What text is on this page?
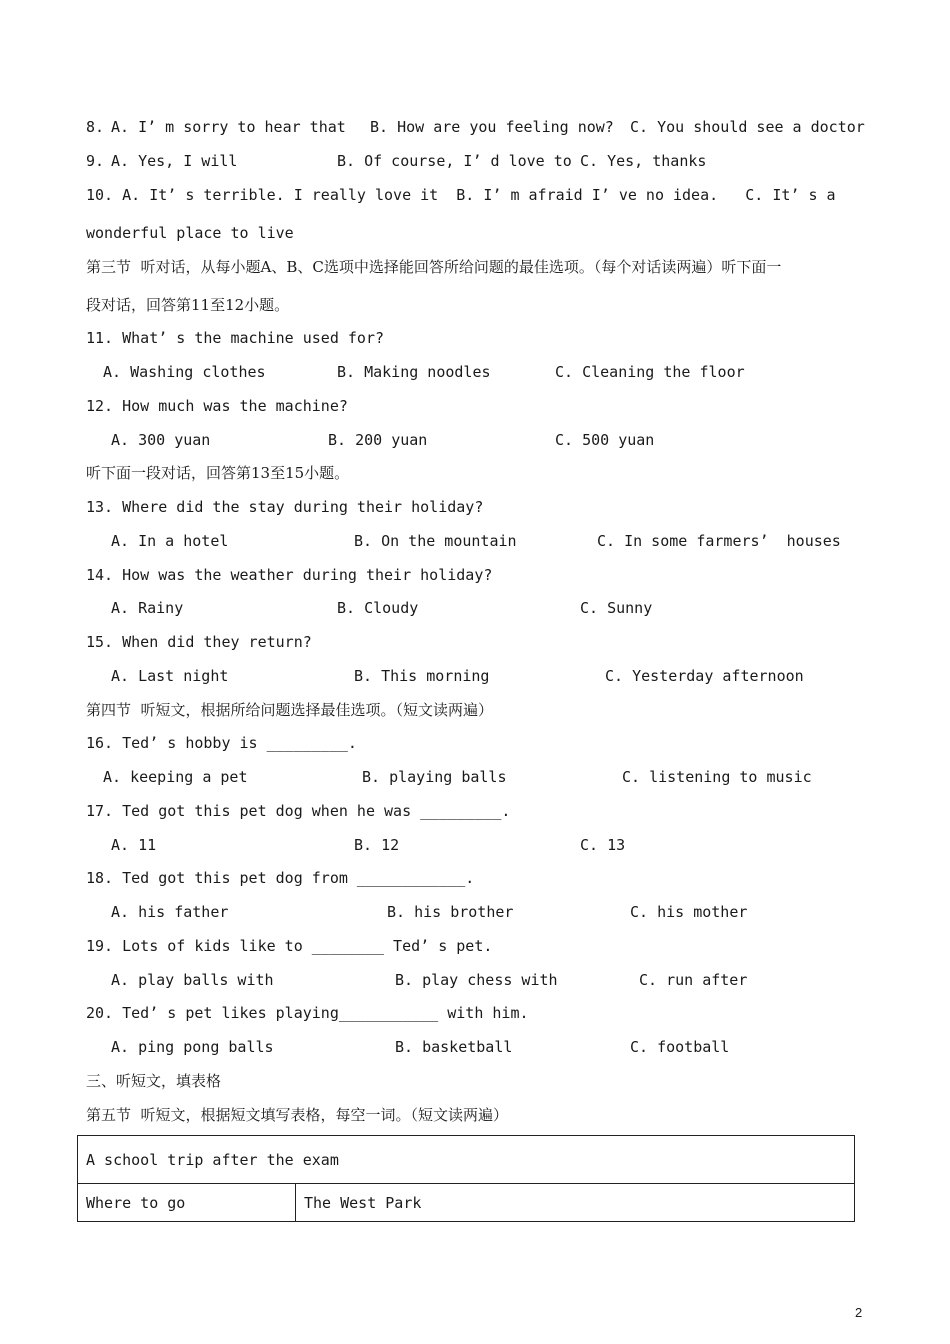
8. A. I’ m sorry to hear that B. How are you feeling now? C. You should see a doctor
9. A. Yes, I will	B. Of course, I’ d love to C. Yes, thanks
10. A. It’ s terrible. I really love it  B. I’ m afraid I’ ve no idea.   C. It’ s a
wonderful place to live
第三节  听对话，从每小题A、B、C选项中选择能回答所给问题的最佳选项。（每个对话读两遍）听下面一
段对话，回答第11至12小题。
11. What’ s the machine used for?
A. Washing clothes	B. Making noodles	C. Cleaning the floor
12. How much was the machine?
A. 300 yuan	B. 200 yuan	C. 500 yuan
听下面一段对话，回答第13至15小题。
13. Where did the stay during their holiday?
A. In a hotel	B. On the mountain	C. In some farmers’  houses
14. How was the weather during their holiday?
A. Rainy	B. Cloudy	C. Sunny
15. When did they return?
A. Last night	B. This morning	C. Yesterday afternoon
第四节  听短文，根据所给问题选择最佳选项。（短文读两遍）
16. Ted’ s hobby is _________.
A. keeping a pet	B. playing balls	C. listening to music
17. Ted got this pet dog when he was _________.
A. 11	B. 12	C. 13
18. Ted got this pet dog from ____________.
A. his father	B. his brother	C. his mother
19. Lots of kids like to ________ Ted’ s pet.
A. play balls with	B. play chess with	C. run after
20. Ted’ s pet likes playing___________ with him.
A. ping pong balls	B. basketball	C. football
三、听短文，填表格
第五节  听短文，根据短文填写表格，每空一词。（短文读两遍）
A school trip after the exam
Where to go	The West Park
2
